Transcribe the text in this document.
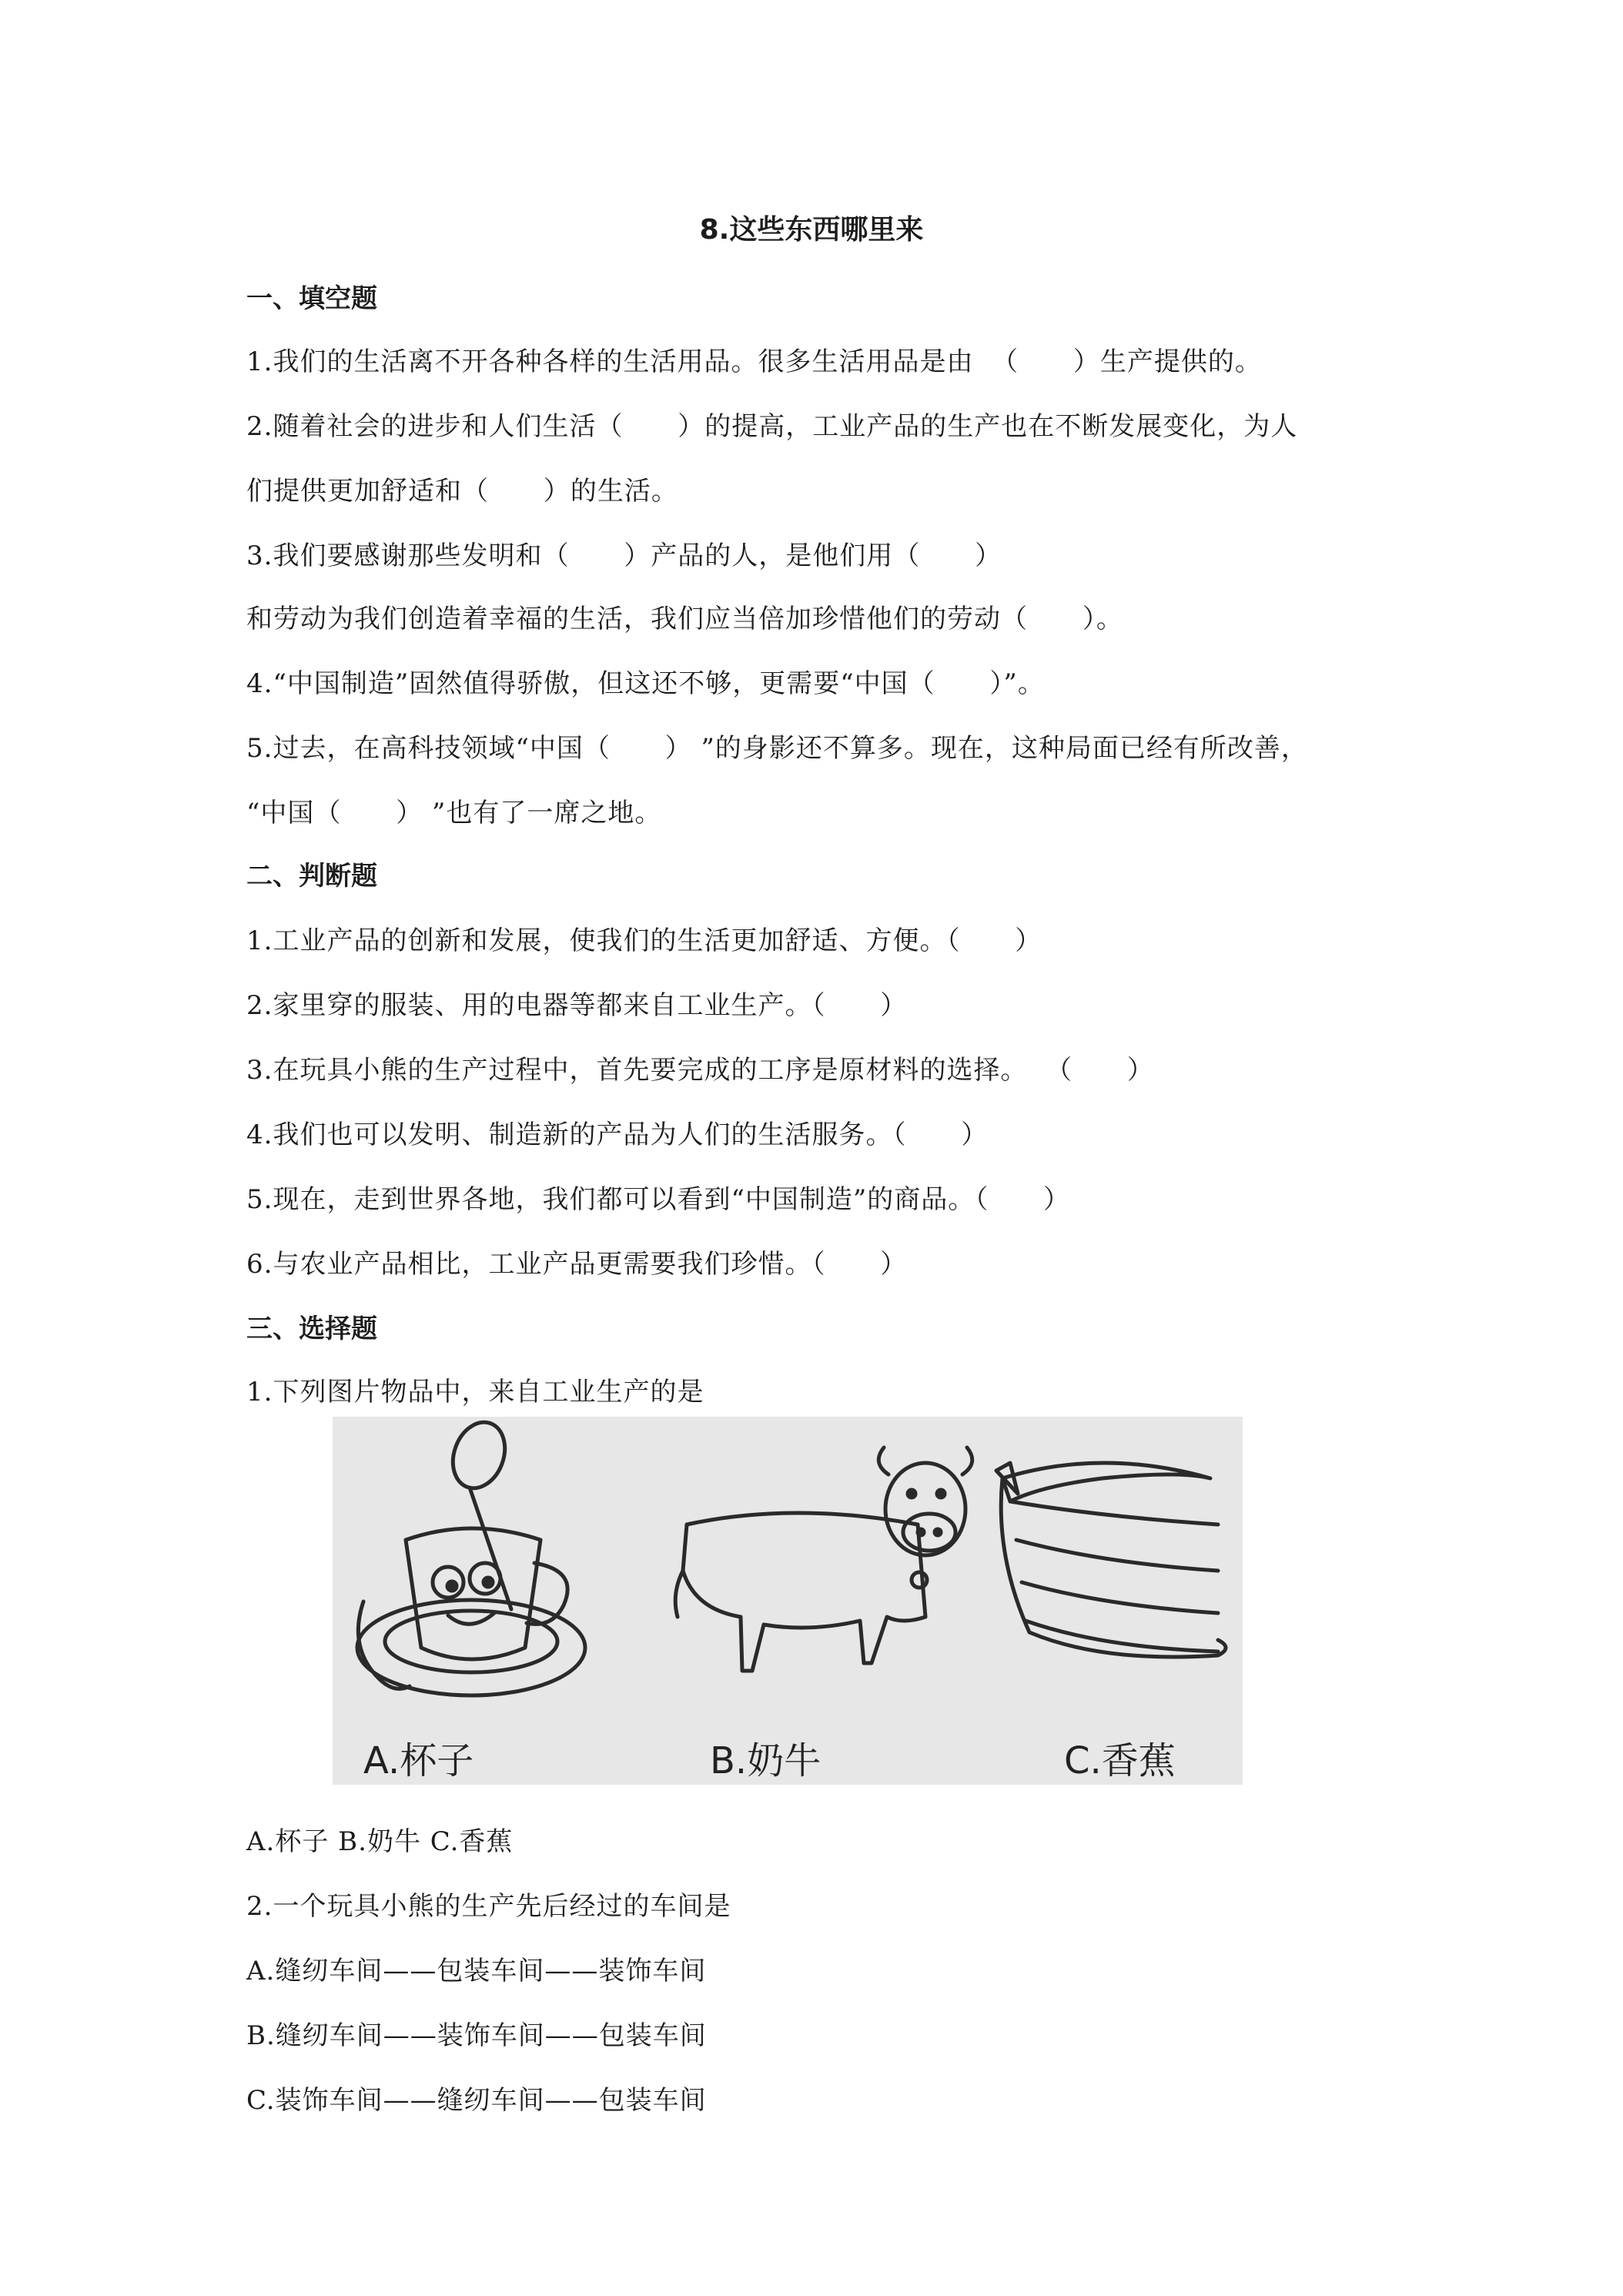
8.这些东西哪里来
一、填空题
1.我们的生活离不开各种各样的生活用品。很多生活用品是由  （      ）生产提供的。
2.随着社会的进步和人们生活（      ）的提高，工业产品的生产也在不断发展变化，为人
们提供更加舒适和（      ）的生活。
3.我们要感谢那些发明和（      ）产品的人，是他们用（      ）
和劳动为我们创造着幸福的生活，我们应当倍加珍惜他们的劳动（      ）。
4.“中国制造”固然值得骄傲，但这还不够，更需要“中国（      ）”。
5.过去，在高科技领域“中国（      ） ”的身影还不算多。现在，这种局面已经有所改善，
“中国（      ） ”也有了一席之地。
二、判断题
1.工业产品的创新和发展，使我们的生活更加舒适、方便。（      ）
2.家里穿的服装、用的电器等都来自工业生产。（      ）
3.在玩具小熊的生产过程中，首先要完成的工序是原材料的选择。  （      ）
4.我们也可以发明、制造新的产品为人们的生活服务。（      ）
5.现在，走到世界各地，我们都可以看到“中国制造”的商品。（      ）
6.与农业产品相比，工业产品更需要我们珍惜。（      ）
三、选择题
1.下列图片物品中，来自工业生产的是
A.杯子	B.奶牛	C.香蕉
A.杯子 B.奶牛 C.香蕉
2.一个玩具小熊的生产先后经过的车间是
A.缝纫车间——包装车间——装饰车间
B.缝纫车间——装饰车间——包装车间
C.装饰车间——缝纫车间——包装车间
